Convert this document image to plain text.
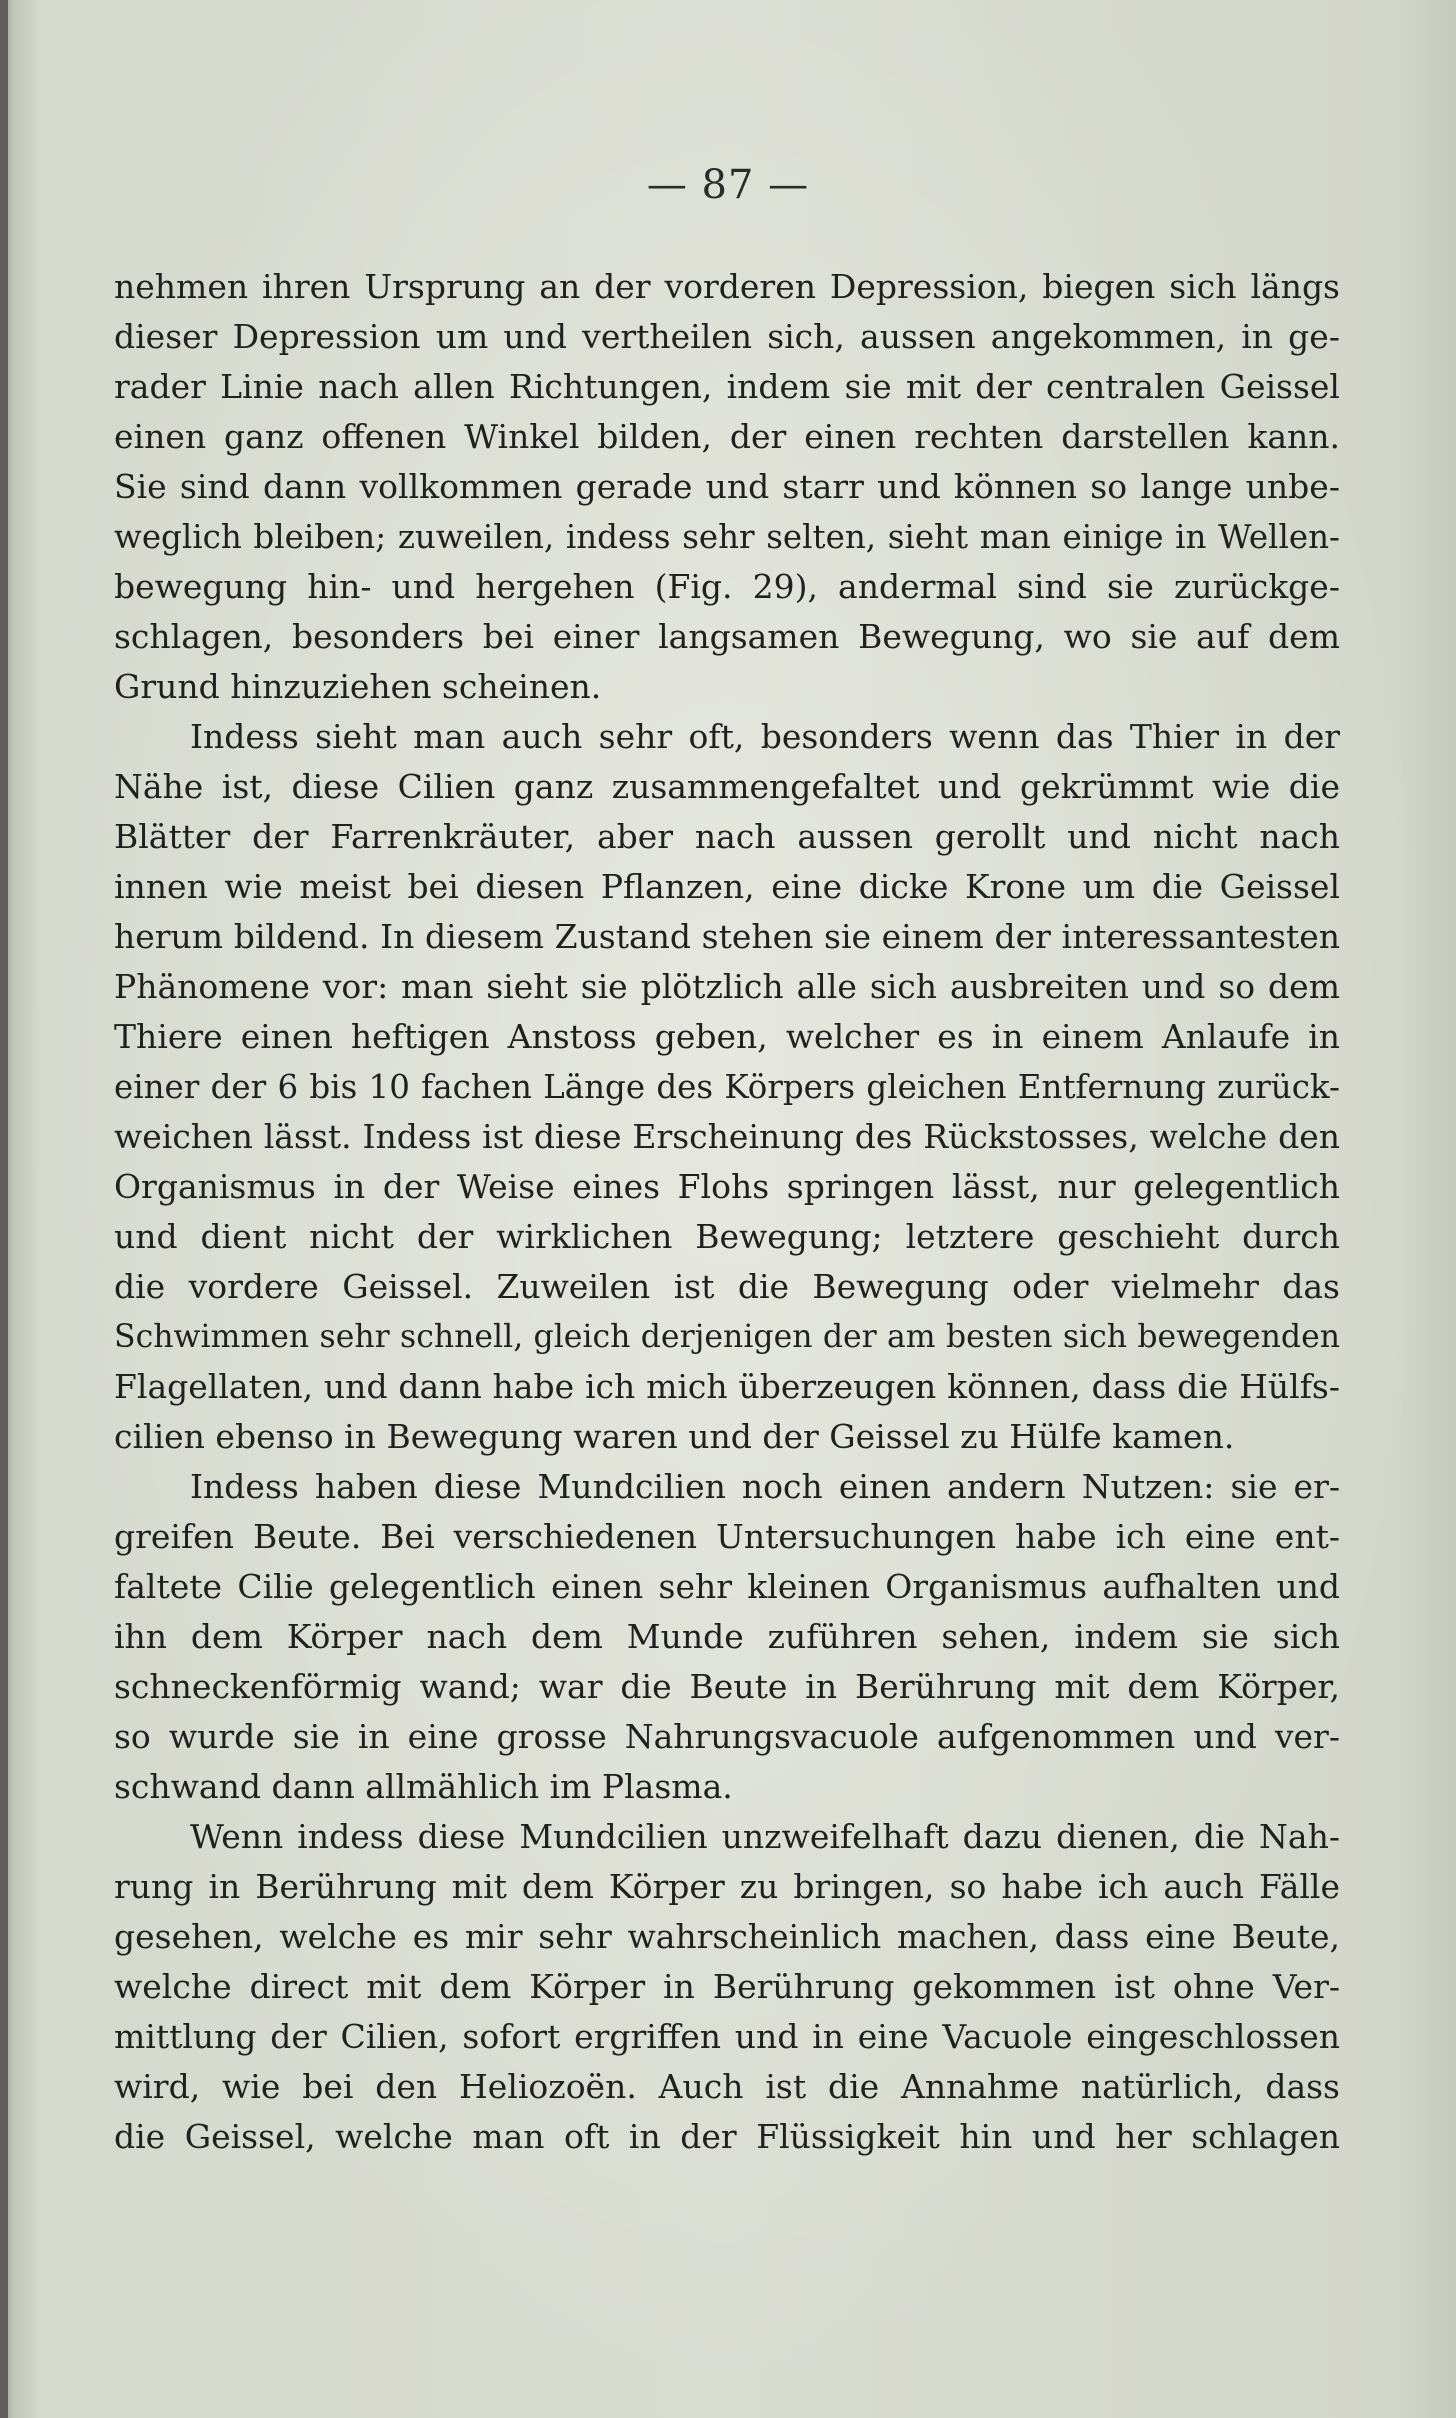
— 87 —
nehmen ihren Ursprung an der vorderen Depression, biegen sich längs
dieser Depression um und vertheilen sich, aussen angekommen, in ge-
rader Linie nach allen Richtungen, indem sie mit der centralen Geissel
einen ganz offenen Winkel bilden, der einen rechten darstellen kann.
Sie sind dann vollkommen gerade und starr und können so lange unbe-
weglich bleiben; zuweilen, indess sehr selten, sieht man einige in Wellen-
bewegung hin- und hergehen (Fig. 29), andermal sind sie zurückge-
schlagen, besonders bei einer langsamen Bewegung, wo sie auf dem
Grund hinzuziehen scheinen.
Indess sieht man auch sehr oft, besonders wenn das Thier in der
Nähe ist, diese Cilien ganz zusammengefaltet und gekrümmt wie die
Blätter der Farrenkräuter, aber nach aussen gerollt und nicht nach
innen wie meist bei diesen Pflanzen, eine dicke Krone um die Geissel
herum bildend. In diesem Zustand stehen sie einem der interessantesten
Phänomene vor: man sieht sie plötzlich alle sich ausbreiten und so dem
Thiere einen heftigen Anstoss geben, welcher es in einem Anlaufe in
einer der 6 bis 10 fachen Länge des Körpers gleichen Entfernung zurück-
weichen lässt. Indess ist diese Erscheinung des Rückstosses, welche den
Organismus in der Weise eines Flohs springen lässt, nur gelegentlich
und dient nicht der wirklichen Bewegung; letztere geschieht durch
die vordere Geissel. Zuweilen ist die Bewegung oder vielmehr das
Schwimmen sehr schnell, gleich derjenigen der am besten sich bewegenden
Flagellaten, und dann habe ich mich überzeugen können, dass die Hülfs-
cilien ebenso in Bewegung waren und der Geissel zu Hülfe kamen.
Indess haben diese Mundcilien noch einen andern Nutzen: sie er-
greifen Beute. Bei verschiedenen Untersuchungen habe ich eine ent-
faltete Cilie gelegentlich einen sehr kleinen Organismus aufhalten und
ihn dem Körper nach dem Munde zuführen sehen, indem sie sich
schneckenförmig wand; war die Beute in Berührung mit dem Körper,
so wurde sie in eine grosse Nahrungsvacuole aufgenommen und ver-
schwand dann allmählich im Plasma.
Wenn indess diese Mundcilien unzweifelhaft dazu dienen, die Nah-
rung in Berührung mit dem Körper zu bringen, so habe ich auch Fälle
gesehen, welche es mir sehr wahrscheinlich machen, dass eine Beute,
welche direct mit dem Körper in Berührung gekommen ist ohne Ver-
mittlung der Cilien, sofort ergriffen und in eine Vacuole eingeschlossen
wird, wie bei den Heliozoën. Auch ist die Annahme natürlich, dass
die Geissel, welche man oft in der Flüssigkeit hin und her schlagen
